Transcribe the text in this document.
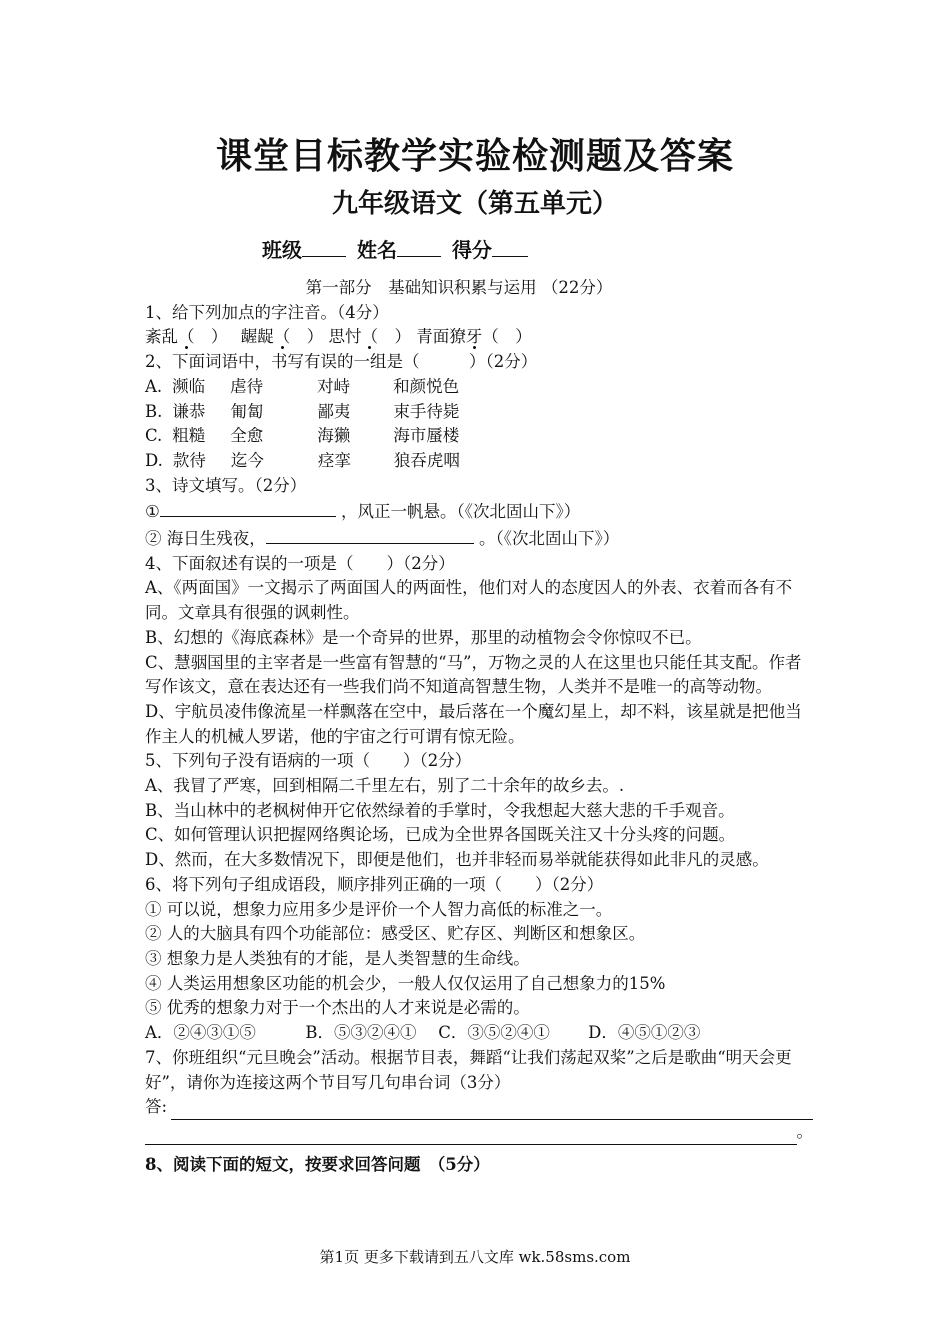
课堂目标教学实验检测题及答案
九年级语文（第五单元）
班级	姓名	得分
第一部分　基础知识积累与运用 （22分）
1、给下列加点的字注音。（4分）
紊乱（　） 龌龊（　） 思忖（　） 青面獠牙（　）
2、下面词语中，书写有误的一组是（　　　）（2分）
A. 濒临 虐待	对峙	和颜悦色
B. 谦恭 匍匐	鄙夷	束手待毙
C. 粗糙 全愈	海獭	海市蜃楼
D. 款待 迄今	痉挛	狼吞虎咽
3、诗文填写。（2分）
①	，风正一帆悬。（《次北固山下》）
② 海日生残夜，	。（《次北固山下》）
4、下面叙述有误的一项是（　　）（2分）
A、《两面国》一文揭示了两面国人的两面性，他们对人的态度因人的外表、衣着而各有不同。文章具有很强的讽刺性。
B、幻想的《海底森林》是一个奇异的世界，那里的动植物会令你惊叹不已。
C、慧骃国里的主宰者是一些富有智慧的“马”，万物之灵的人在这里也只能任其支配。作者写作该文，意在表达还有一些我们尚不知道高智慧生物，人类并不是唯一的高等动物。
D、宇航员凌伟像流星一样飘落在空中，最后落在一个魔幻星上，却不料，该星就是把他当作主人的机械人罗诺，他的宇宙之行可谓有惊无险。
5、下列句子没有语病的一项（　　）（2分）
A、我冒了严寒，回到相隔二千里左右，别了二十余年的故乡去。.
B、当山林中的老枫树伸开它依然绿着的手掌时，令我想起大慈大悲的千手观音。
C、如何管理认识把握网络舆论场，已成为全世界各国既关注又十分头疼的问题。
D、然而，在大多数情况下，即便是他们，也并非轻而易举就能获得如此非凡的灵感。
6、将下列句子组成语段，顺序排列正确的一项（　　）（2分）
① 可以说，想象力应用多少是评价一个人智力高低的标准之一。
② 人的大脑具有四个功能部位：感受区、贮存区、判断区和想象区。
③ 想象力是人类独有的才能，是人类智慧的生命线。
④ 人类运用想象区功能的机会少，一般人仅仅运用了自己想象力的15%
⑤ 优秀的想象力对于一个杰出的人才来说是必需的。
A．②④③①⑤　　　B．⑤③②④①　 C．③⑤②④①　　 D．④⑤①②③
7、你班组织“元旦晚会”活动。根据节目表，舞蹈“让我们荡起双桨”之后是歌曲“明天会更好”，请你为连接这两个节目写几句串台词（3分）
答:
。
8、阅读下面的短文，按要求回答问题　（5分）
第1页 更多下载请到五八文库 wk.58sms.com
